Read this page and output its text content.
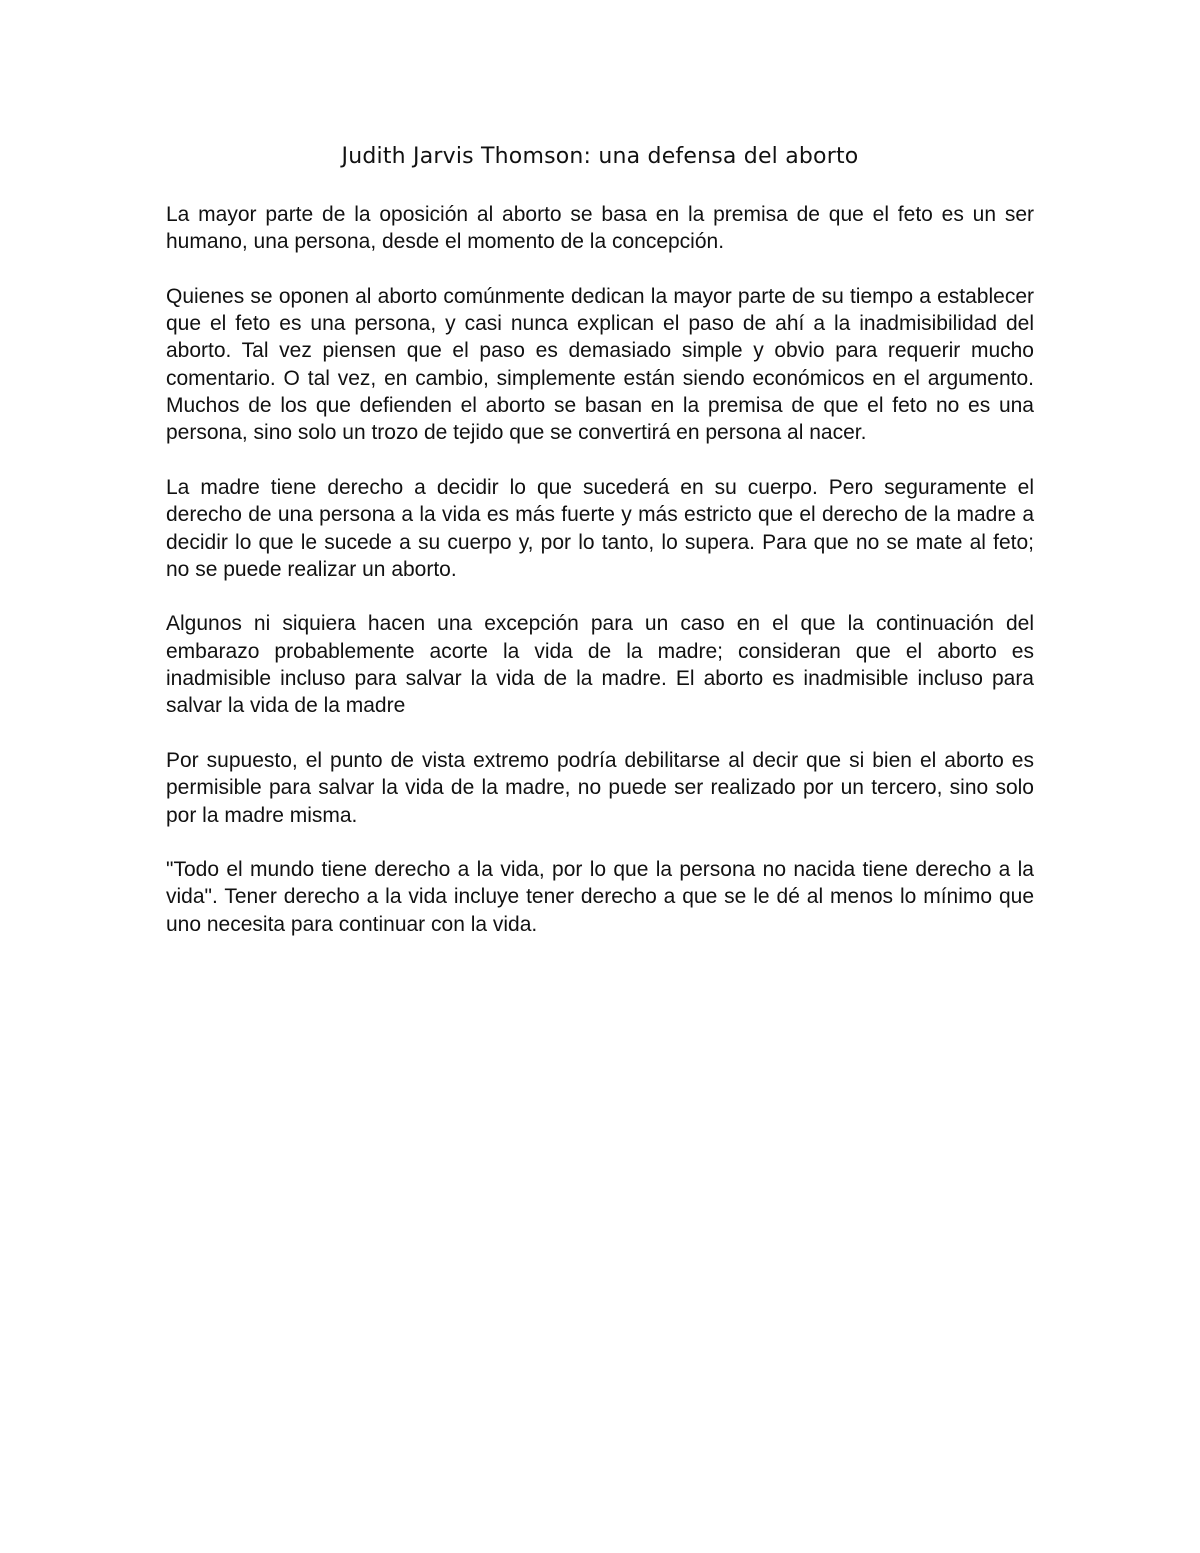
Judith Jarvis Thomson: una defensa del aborto

La mayor parte de la oposición al aborto se basa en la premisa de que el feto es un ser humano, una persona, desde el momento de la concepción.

Quienes se oponen al aborto comúnmente dedican la mayor parte de su tiempo a establecer que el feto es una persona, y casi nunca explican el paso de ahí a la inadmisibilidad del aborto. Tal vez piensen que el paso es demasiado simple y obvio para requerir mucho comentario. O tal vez, en cambio, simplemente están siendo económicos en el argumento. Muchos de los que defienden el aborto se basan en la premisa de que el feto no es una persona, sino solo un trozo de tejido que se convertirá en persona al nacer.

La madre tiene derecho a decidir lo que sucederá en su cuerpo. Pero seguramente el derecho de una persona a la vida es más fuerte y más estricto que el derecho de la madre a decidir lo que le sucede a su cuerpo y, por lo tanto, lo supera. Para que no se mate al feto; no se puede realizar un aborto.

Algunos ni siquiera hacen una excepción para un caso en el que la continuación del embarazo probablemente acorte la vida de la madre; consideran que el aborto es inadmisible incluso para salvar la vida de la madre. El aborto es inadmisible incluso para salvar la vida de la madre

Por supuesto, el punto de vista extremo podría debilitarse al decir que si bien el aborto es permisible para salvar la vida de la madre, no puede ser realizado por un tercero, sino solo por la madre misma.

"Todo el mundo tiene derecho a la vida, por lo que la persona no nacida tiene derecho a la vida". Tener derecho a la vida incluye tener derecho a que se le dé al menos lo mínimo que uno necesita para continuar con la vida.
